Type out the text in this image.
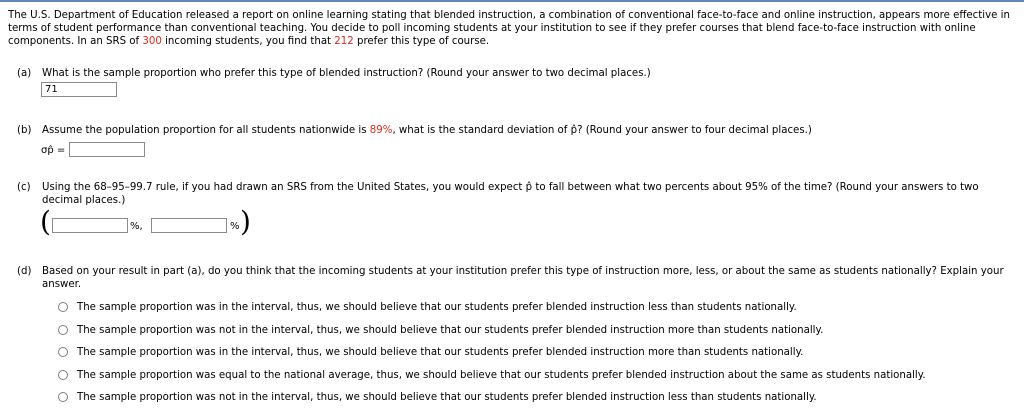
The U.S. Department of Education released a report on online learning stating that blended instruction, a combination of conventional face-to-face and online instruction, appears more effective in terms of student performance than conventional teaching. You decide to poll incoming students at your institution to see if they prefer courses that blend face-to-face instruction with online components. In an SRS of 300 incoming students, you find that 212 prefer this type of course.
(a) What is the sample proportion who prefer this type of blended instruction? (Round your answer to two decimal places.)
71
(b) Assume the population proportion for all students nationwide is 89%, what is the standard deviation of p̂? (Round your answer to four decimal places.)
σp̂ =
(c) Using the 68–95–99.7 rule, if you had drawn an SRS from the United States, you would expect p̂ to fall between what two percents about 95% of the time? (Round your answers to two decimal places.)
(	%,	% )
(d) Based on your result in part (a), do you think that the incoming students at your institution prefer this type of instruction more, less, or about the same as students nationally? Explain your answer.
The sample proportion was in the interval, thus, we should believe that our students prefer blended instruction less than students nationally.
The sample proportion was not in the interval, thus, we should believe that our students prefer blended instruction more than students nationally.
The sample proportion was in the interval, thus, we should believe that our students prefer blended instruction more than students nationally.
The sample proportion was equal to the national average, thus, we should believe that our students prefer blended instruction about the same as students nationally.
The sample proportion was not in the interval, thus, we should believe that our students prefer blended instruction less than students nationally.
